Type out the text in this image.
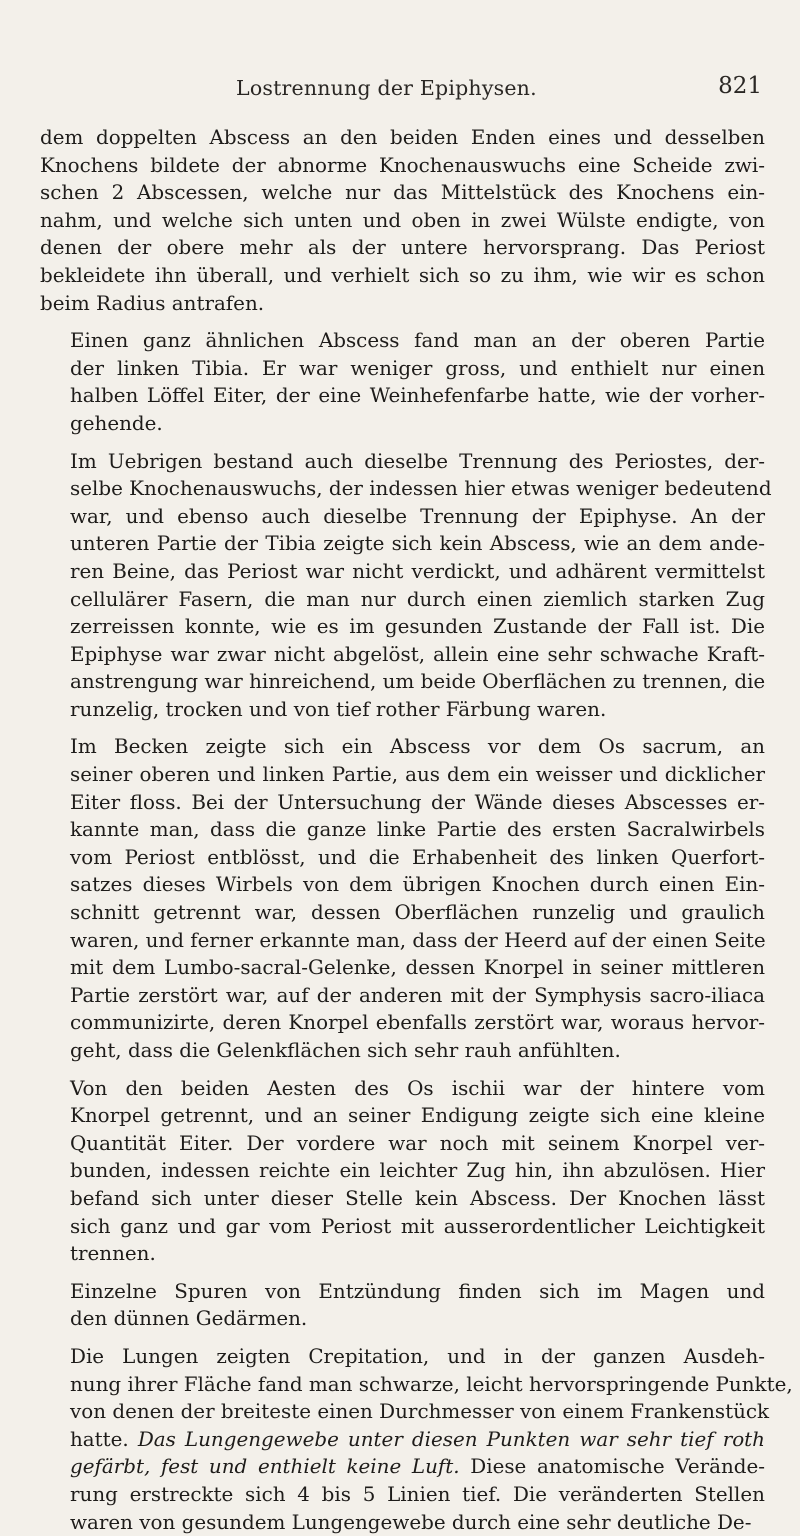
Lostrennung der Epiphysen.	821

dem doppelten Abscess an den beiden Enden eines und desselben
Knochens bildete der abnorme Knochenauswuchs eine Scheide zwi-
schen 2 Abscessen, welche nur das Mittelstück des Knochens ein-
nahm, und welche sich unten und oben in zwei Wülste endigte, von
denen der obere mehr als der untere hervorsprang. Das Periost
bekleidete ihn überall, und verhielt sich so zu ihm, wie wir es schon
beim Radius antrafen.

Einen ganz ähnlichen Abscess fand man an der oberen Partie
der linken Tibia. Er war weniger gross, und enthielt nur einen
halben Löffel Eiter, der eine Weinhefenfarbe hatte, wie der vorher-
gehende.

Im Uebrigen bestand auch dieselbe Trennung des Periostes, der-
selbe Knochenauswuchs, der indessen hier etwas weniger bedeutend
war, und ebenso auch dieselbe Trennung der Epiphyse. An der
unteren Partie der Tibia zeigte sich kein Abscess, wie an dem ande-
ren Beine, das Periost war nicht verdickt, und adhärent vermittelst
cellulärer Fasern, die man nur durch einen ziemlich starken Zug
zerreissen konnte, wie es im gesunden Zustande der Fall ist. Die
Epiphyse war zwar nicht abgelöst, allein eine sehr schwache Kraft-
anstrengung war hinreichend, um beide Oberflächen zu trennen, die
runzelig, trocken und von tief rother Färbung waren.

Im Becken zeigte sich ein Abscess vor dem Os sacrum, an
seiner oberen und linken Partie, aus dem ein weisser und dicklicher
Eiter floss. Bei der Untersuchung der Wände dieses Abscesses er-
kannte man, dass die ganze linke Partie des ersten Sacralwirbels
vom Periost entblösst, und die Erhabenheit des linken Querfort-
satzes dieses Wirbels von dem übrigen Knochen durch einen Ein-
schnitt getrennt war, dessen Oberflächen runzelig und graulich
waren, und ferner erkannte man, dass der Heerd auf der einen Seite
mit dem Lumbo-sacral-Gelenke, dessen Knorpel in seiner mittleren
Partie zerstört war, auf der anderen mit der Symphysis sacro-iliaca
communizirte, deren Knorpel ebenfalls zerstört war, woraus hervor-
geht, dass die Gelenkflächen sich sehr rauh anfühlten.

Von den beiden Aesten des Os ischii war der hintere vom
Knorpel getrennt, und an seiner Endigung zeigte sich eine kleine
Quantität Eiter. Der vordere war noch mit seinem Knorpel ver-
bunden, indessen reichte ein leichter Zug hin, ihn abzulösen. Hier
befand sich unter dieser Stelle kein Abscess. Der Knochen lässt
sich ganz und gar vom Periost mit ausserordentlicher Leichtigkeit
trennen.

Einzelne Spuren von Entzündung finden sich im Magen und
den dünnen Gedärmen.

Die Lungen zeigten Crepitation, und in der ganzen Ausdeh-
nung ihrer Fläche fand man schwarze, leicht hervorspringende Punkte,
von denen der breiteste einen Durchmesser von einem Frankenstück
hatte. Das Lungengewebe unter diesen Punkten war sehr tief roth
gefärbt, fest und enthielt keine Luft. Diese anatomische Verände-
rung erstreckte sich 4 bis 5 Linien tief. Die veränderten Stellen
waren von gesundem Lungengewebe durch eine sehr deutliche De-
